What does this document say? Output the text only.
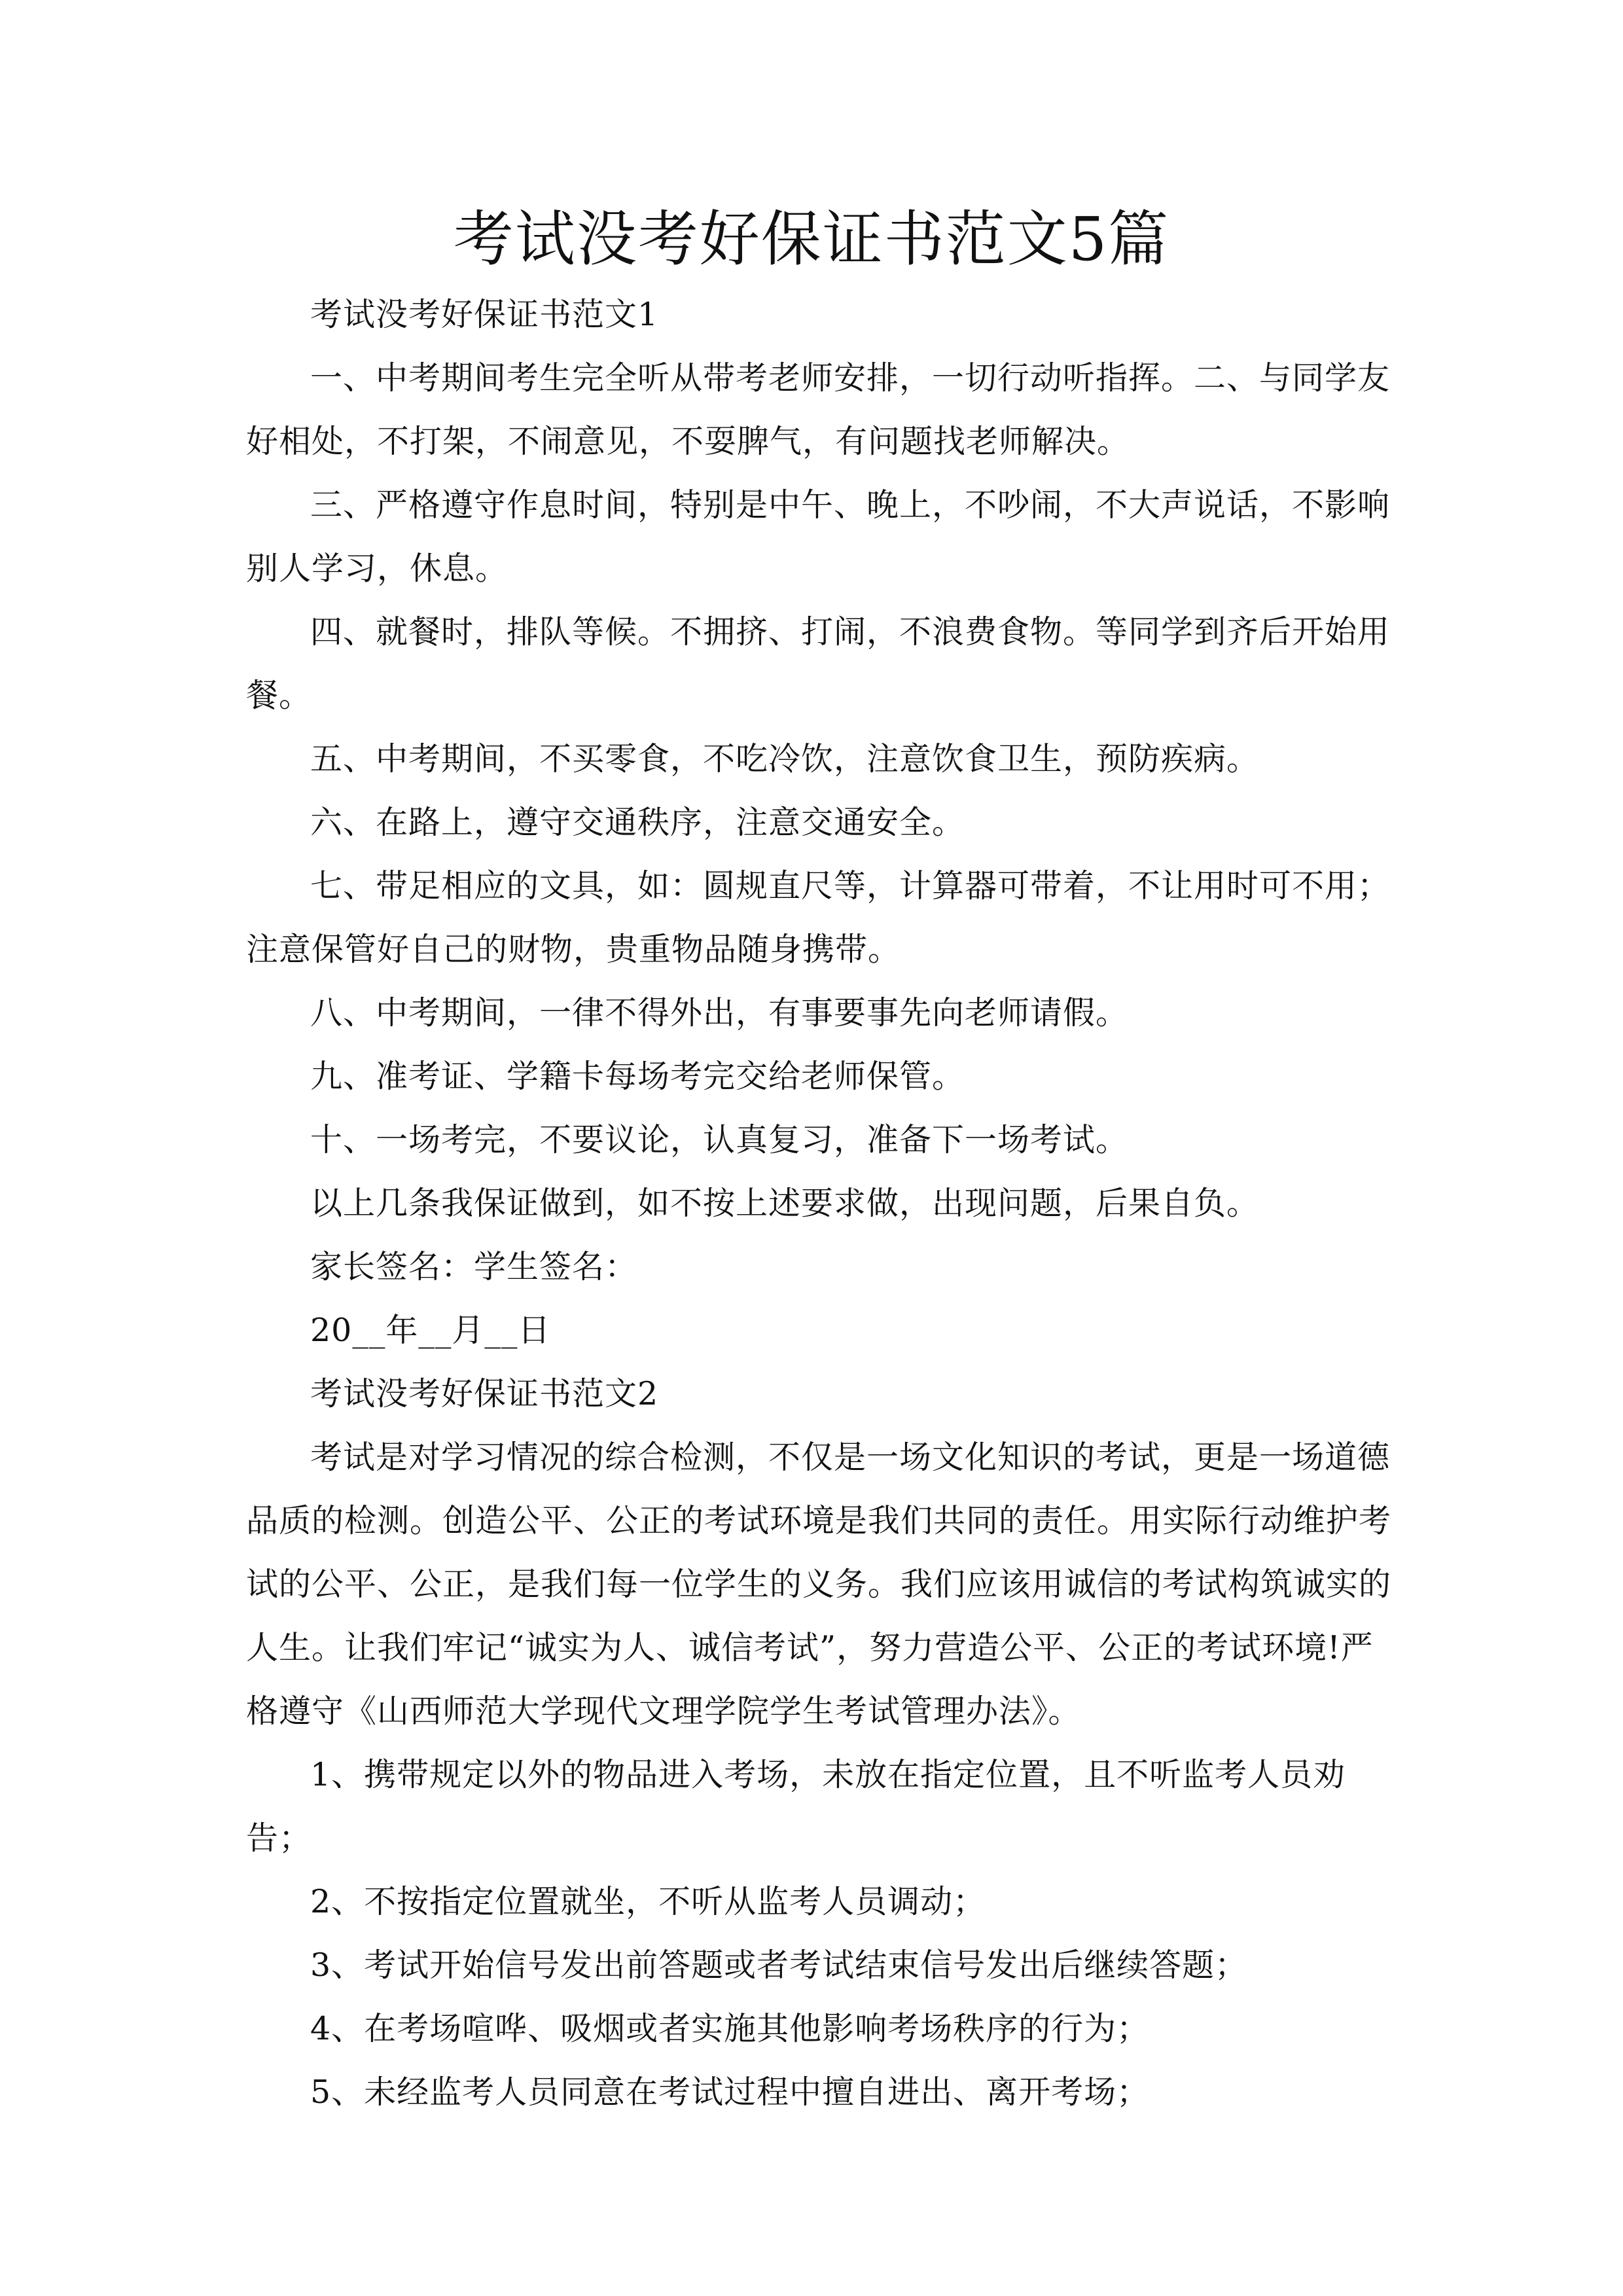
考试没考好保证书范文5篇

考试没考好保证书范文1

一、中考期间考生完全听从带考老师安排，一切行动听指挥。二、与同学友好相处，不打架，不闹意见，不耍脾气，有问题找老师解决。

三、严格遵守作息时间，特别是中午、晚上，不吵闹，不大声说话，不影响别人学习，休息。

四、就餐时，排队等候。不拥挤、打闹，不浪费食物。等同学到齐后开始用餐。

五、中考期间，不买零食，不吃冷饮，注意饮食卫生，预防疾病。

六、在路上，遵守交通秩序，注意交通安全。

七、带足相应的文具，如：圆规直尺等，计算器可带着，不让用时可不用；注意保管好自己的财物，贵重物品随身携带。

八、中考期间，一律不得外出，有事要事先向老师请假。

九、准考证、学籍卡每场考完交给老师保管。

十、一场考完，不要议论，认真复习，准备下一场考试。

以上几条我保证做到，如不按上述要求做，出现问题，后果自负。

家长签名：学生签名：

20__年__月__日

考试没考好保证书范文2

考试是对学习情况的综合检测，不仅是一场文化知识的考试，更是一场道德品质的检测。创造公平、公正的考试环境是我们共同的责任。用实际行动维护考试的公平、公正，是我们每一位学生的义务。我们应该用诚信的考试构筑诚实的人生。让我们牢记“诚实为人、诚信考试”，努力营造公平、公正的考试环境!严格遵守《山西师范大学现代文理学院学生考试管理办法》。

1、携带规定以外的物品进入考场，未放在指定位置，且不听监考人员劝告；

2、不按指定位置就坐，不听从监考人员调动；

3、考试开始信号发出前答题或者考试结束信号发出后继续答题；

4、在考场喧哗、吸烟或者实施其他影响考场秩序的行为；

5、未经监考人员同意在考试过程中擅自进出、离开考场；
